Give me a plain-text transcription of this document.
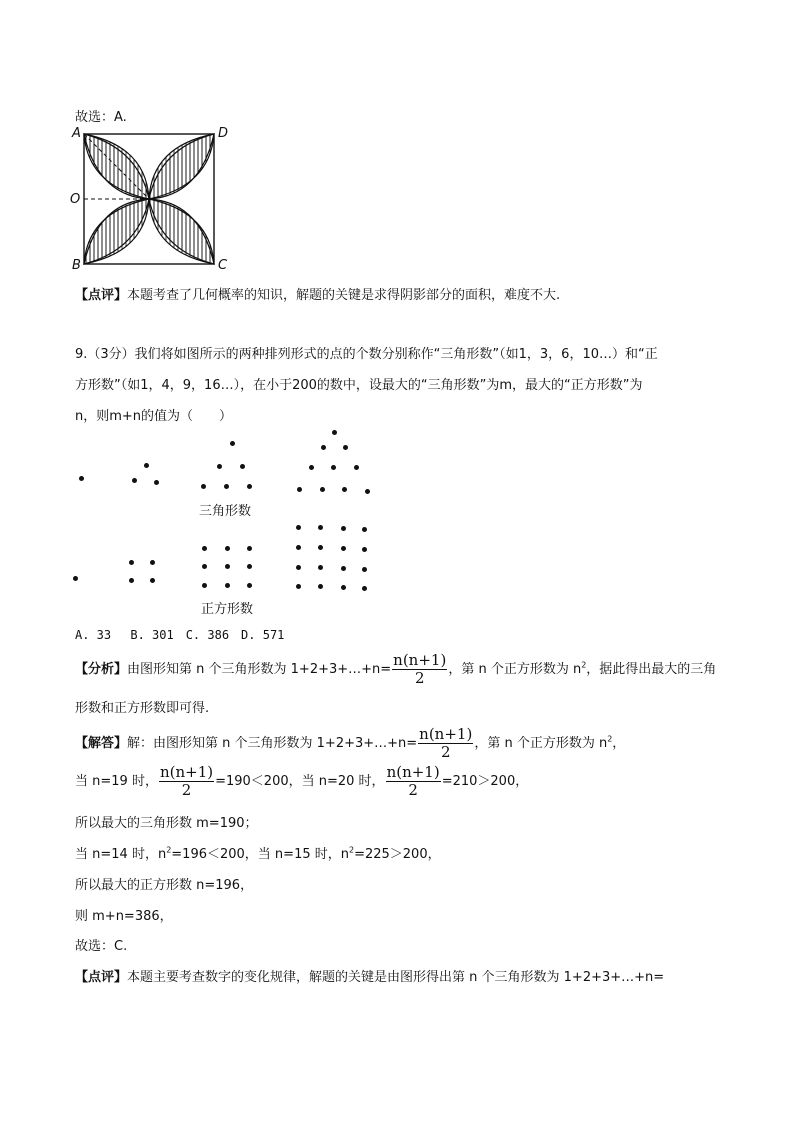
故选：A.
A	D
O
B	C
【点评】本题考查了几何概率的知识，解题的关键是求得阴影部分的面积，难度不大.
9.（3分）我们将如图所示的两种排列形式的点的个数分别称作“三角形数”（如1，3，6，10…）和“正
方形数”（如1，4，9，16…），在小于200的数中，设最大的“三角形数”为m，最大的“正方形数”为
n，则m+n的值为（　　）
三角形数
正方形数
A. 33　 B. 301　C. 386　D. 571
【分析】由图形知第 n 个三角形数为 1+2+3+…+n= $\frac{n(n+1)}{2}$ ，第 n 个正方形数为 $n^2$，据此得出最大的三角
形数和正方形数即可得.
【解答】解：由图形知第 n 个三角形数为 1+2+3+…+n= $\frac{n(n+1)}{2}$ ，第 n 个正方形数为 $n^2$，
当 n=19 时， $\frac{n(n+1)}{2} =190<200$，当 n=20 时， $\frac{n(n+1)}{2} =210>200$，
所以最大的三角形数 m=190；
当 n=14 时，$n^2=196<200$，当 n=15 时，$n^2=225>200$，
所以最大的正方形数 n=196，
则 m+n=386，
故选：C.
【点评】本题主要考查数字的变化规律，解题的关键是由图形得出第 n 个三角形数为 1+2+3+…+n=
